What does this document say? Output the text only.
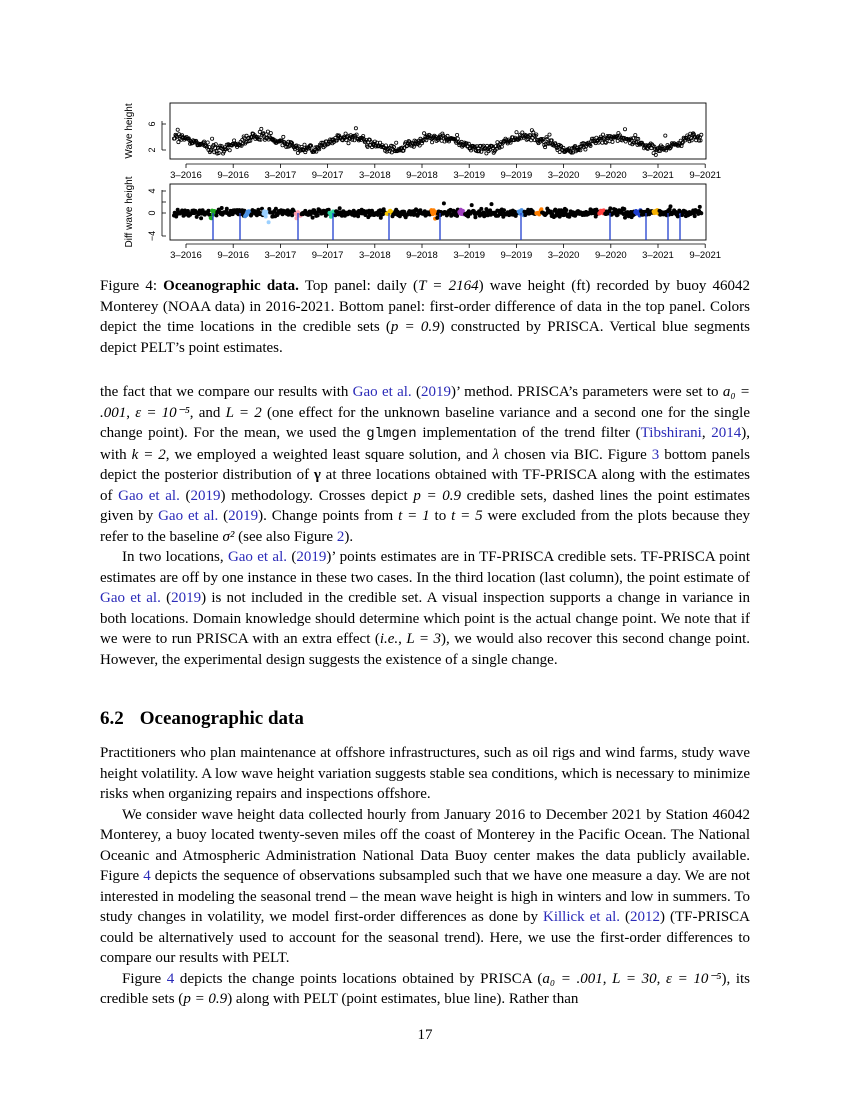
Wave height 2
6
3–2016 9–2016 3–2017 9–2017 3–2018 9–2018 3–2019 9–2019 3–2020 9–2020 3–2021 9–2021
Diff wave height −4
0
4
3–2016 9–2016 3–2017 9–2017 3–2018 9–2018 3–2019 9–2019 3–2020 9–2020 3–2021 9–2021
Figure 4: Oceanographic data. Top panel: daily (T = 2164) wave height (ft) recorded by buoy 46042 Monterey (NOAA data) in 2016-2021. Bottom panel: first-order difference of data in the top panel. Colors depict the time locations in the credible sets (p = 0.9) constructed by PRISCA. Vertical blue segments depict PELT’s point estimates.

the fact that we compare our results with Gao et al. (2019)’ method. PRISCA’s parameters were set to a₀ = .001, ε = 10⁻⁵, and L = 2 (one effect for the unknown baseline variance and a second one for the single change point). For the mean, we used the glmgen implementation of the trend filter (Tibshirani, 2014), with k = 2, we employed a weighted least square solution, and λ chosen via BIC. Figure 3 bottom panels depict the posterior distribution of γ at three locations obtained with TF-PRISCA along with the estimates of Gao et al. (2019) methodology. Crosses depict p = 0.9 credible sets, dashed lines the point estimates given by Gao et al. (2019). Change points from t = 1 to t = 5 were excluded from the plots because they refer to the baseline σ² (see also Figure 2).

In two locations, Gao et al. (2019)’ points estimates are in TF-PRISCA credible sets. TF-PRISCA point estimates are off by one instance in these two cases. In the third location (last column), the point estimate of Gao et al. (2019) is not included in the credible set. A visual inspection supports a change in variance in both locations. Domain knowledge should determine which point is the actual change point. We note that if we were to run PRISCA with an extra effect (i.e., L = 3), we would also recover this second change point. However, the experimental design suggests the existence of a single change.

6.2 Oceanographic data

Practitioners who plan maintenance at offshore infrastructures, such as oil rigs and wind farms, study wave height volatility. A low wave height variation suggests stable sea conditions, which is necessary to minimize risks when organizing repairs and inspections offshore.

We consider wave height data collected hourly from January 2016 to December 2021 by Station 46042 Monterey, a buoy located twenty-seven miles off the coast of Monterey in the Pacific Ocean. The National Oceanic and Atmospheric Administration National Data Buoy center makes the data publicly available. Figure 4 depicts the sequence of observations subsampled such that we have one measure a day. We are not interested in modeling the seasonal trend – the mean wave height is high in winters and low in summers. To study changes in volatility, we model first-order differences as done by Killick et al. (2012) (TF-PRISCA could be alternatively used to account for the seasonal trend). Here, we use the first-order differences to compare our results with PELT.

Figure 4 depicts the change points locations obtained by PRISCA (a₀ = .001, L = 30, ε = 10⁻⁵), its credible sets (p = 0.9) along with PELT (point estimates, blue line). Rather than

17
